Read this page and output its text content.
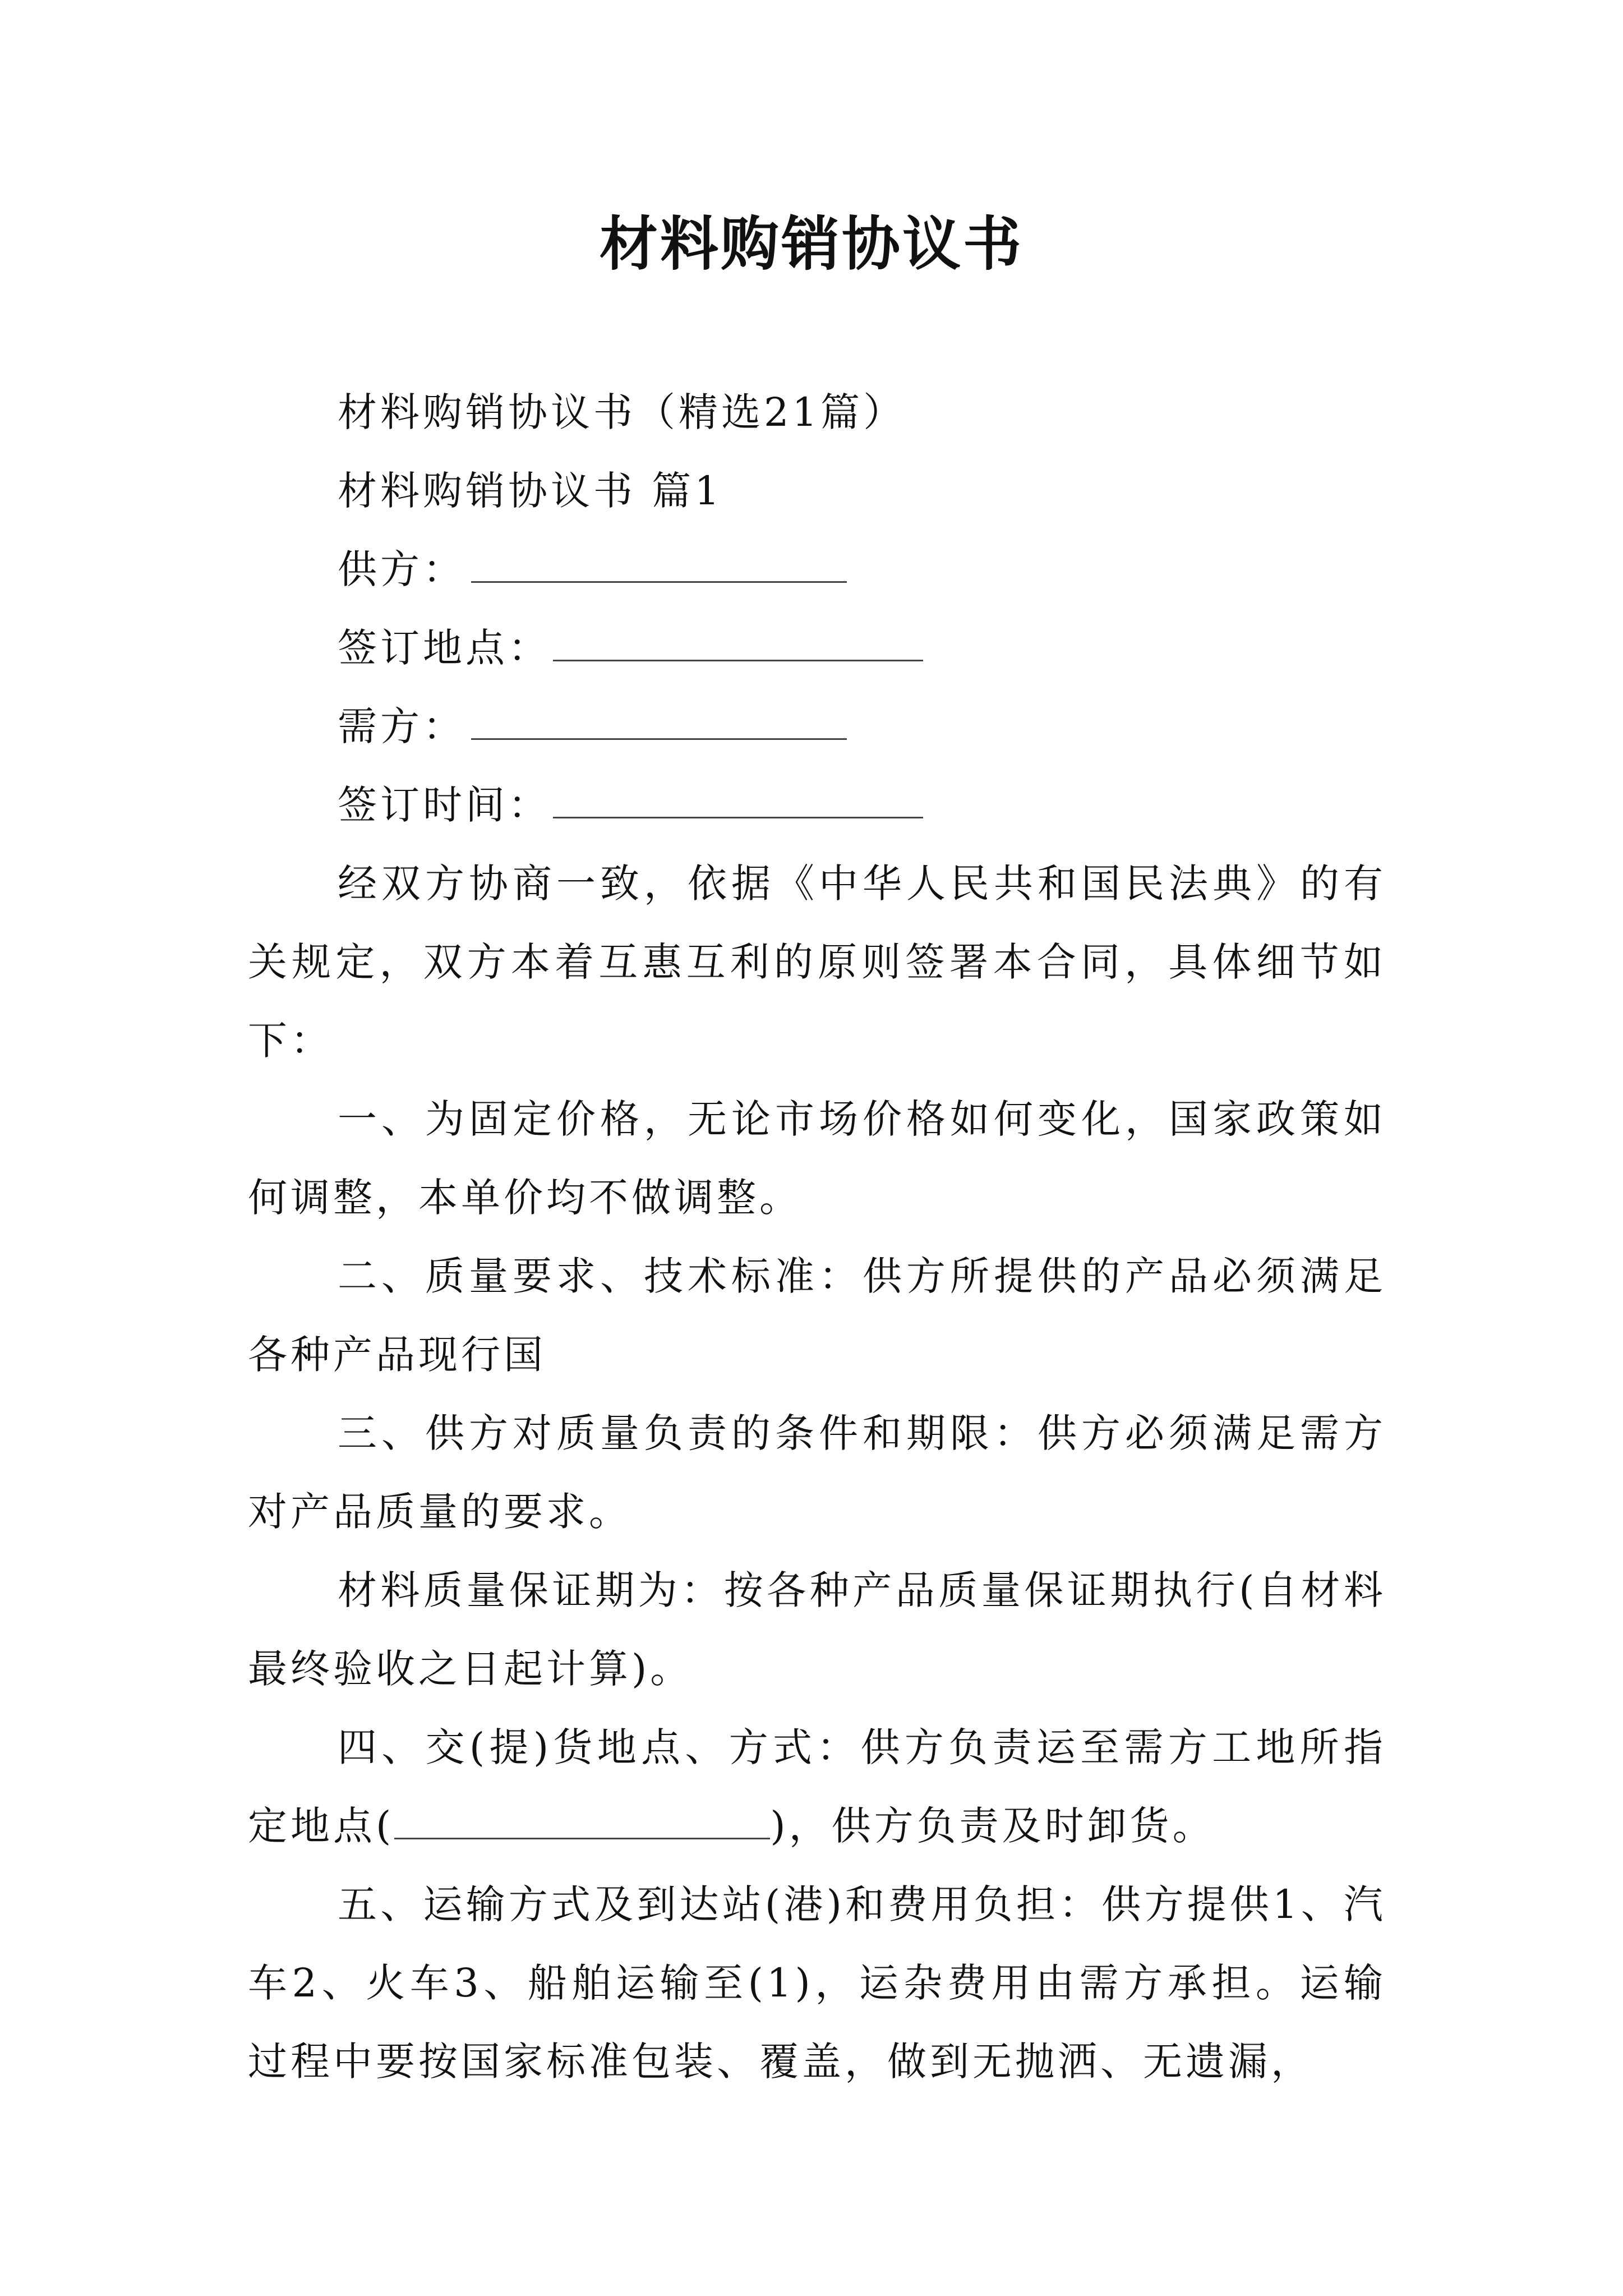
材料购销协议书

材料购销协议书（精选21篇）

材料购销协议书 篇1

供方：

签订地点：

需方：

签订时间：

经双方协商一致，依据《中华人民共和国民法典》的有关规定，双方本着互惠互利的原则签署本合同，具体细节如下：

一、为固定价格，无论市场价格如何变化，国家政策如何调整，本单价均不做调整。

二、质量要求、技术标准：供方所提供的产品必须满足各种产品现行国

三、供方对质量负责的条件和期限：供方必须满足需方对产品质量的要求。

材料质量保证期为：按各种产品质量保证期执行(自材料最终验收之日起计算)。

四、交(提)货地点、方式：供方负责运至需方工地所指定地点(	)，供方负责及时卸货。

五、运输方式及到达站(港)和费用负担：供方提供1、汽车2、火车3、船舶运输至(1)，运杂费用由需方承担。运输过程中要按国家标准包装、覆盖，做到无抛洒、无遗漏，
